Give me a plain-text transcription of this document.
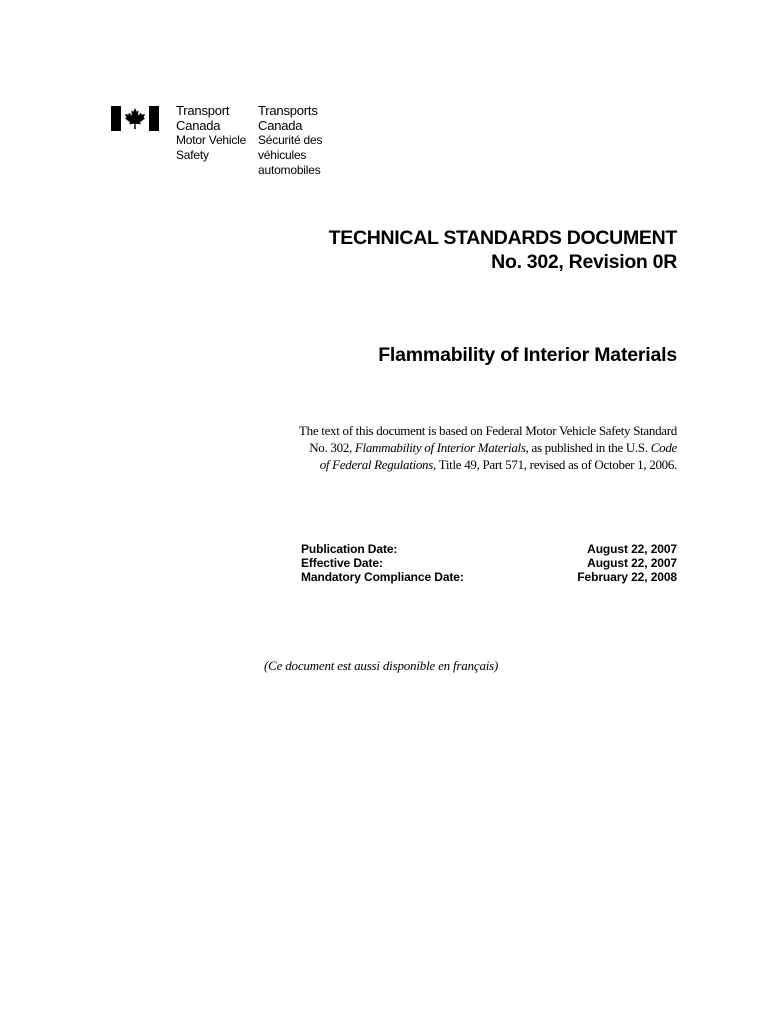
Transport
Canada
Motor Vehicle
Safety
Transports
Canada
Sécurité des
véhicules
automobiles
TECHNICAL STANDARDS DOCUMENT
No. 302, Revision 0R
Flammability of Interior Materials
The text of this document is based on Federal Motor Vehicle Safety Standard No. 302, Flammability of Interior Materials, as published in the U.S. Code of Federal Regulations, Title 49, Part 571, revised as of October 1, 2006.
Publication Date:	August 22, 2007
Effective Date:	August 22, 2007
Mandatory Compliance Date:	February 22, 2008
(Ce document est aussi disponible en français)
